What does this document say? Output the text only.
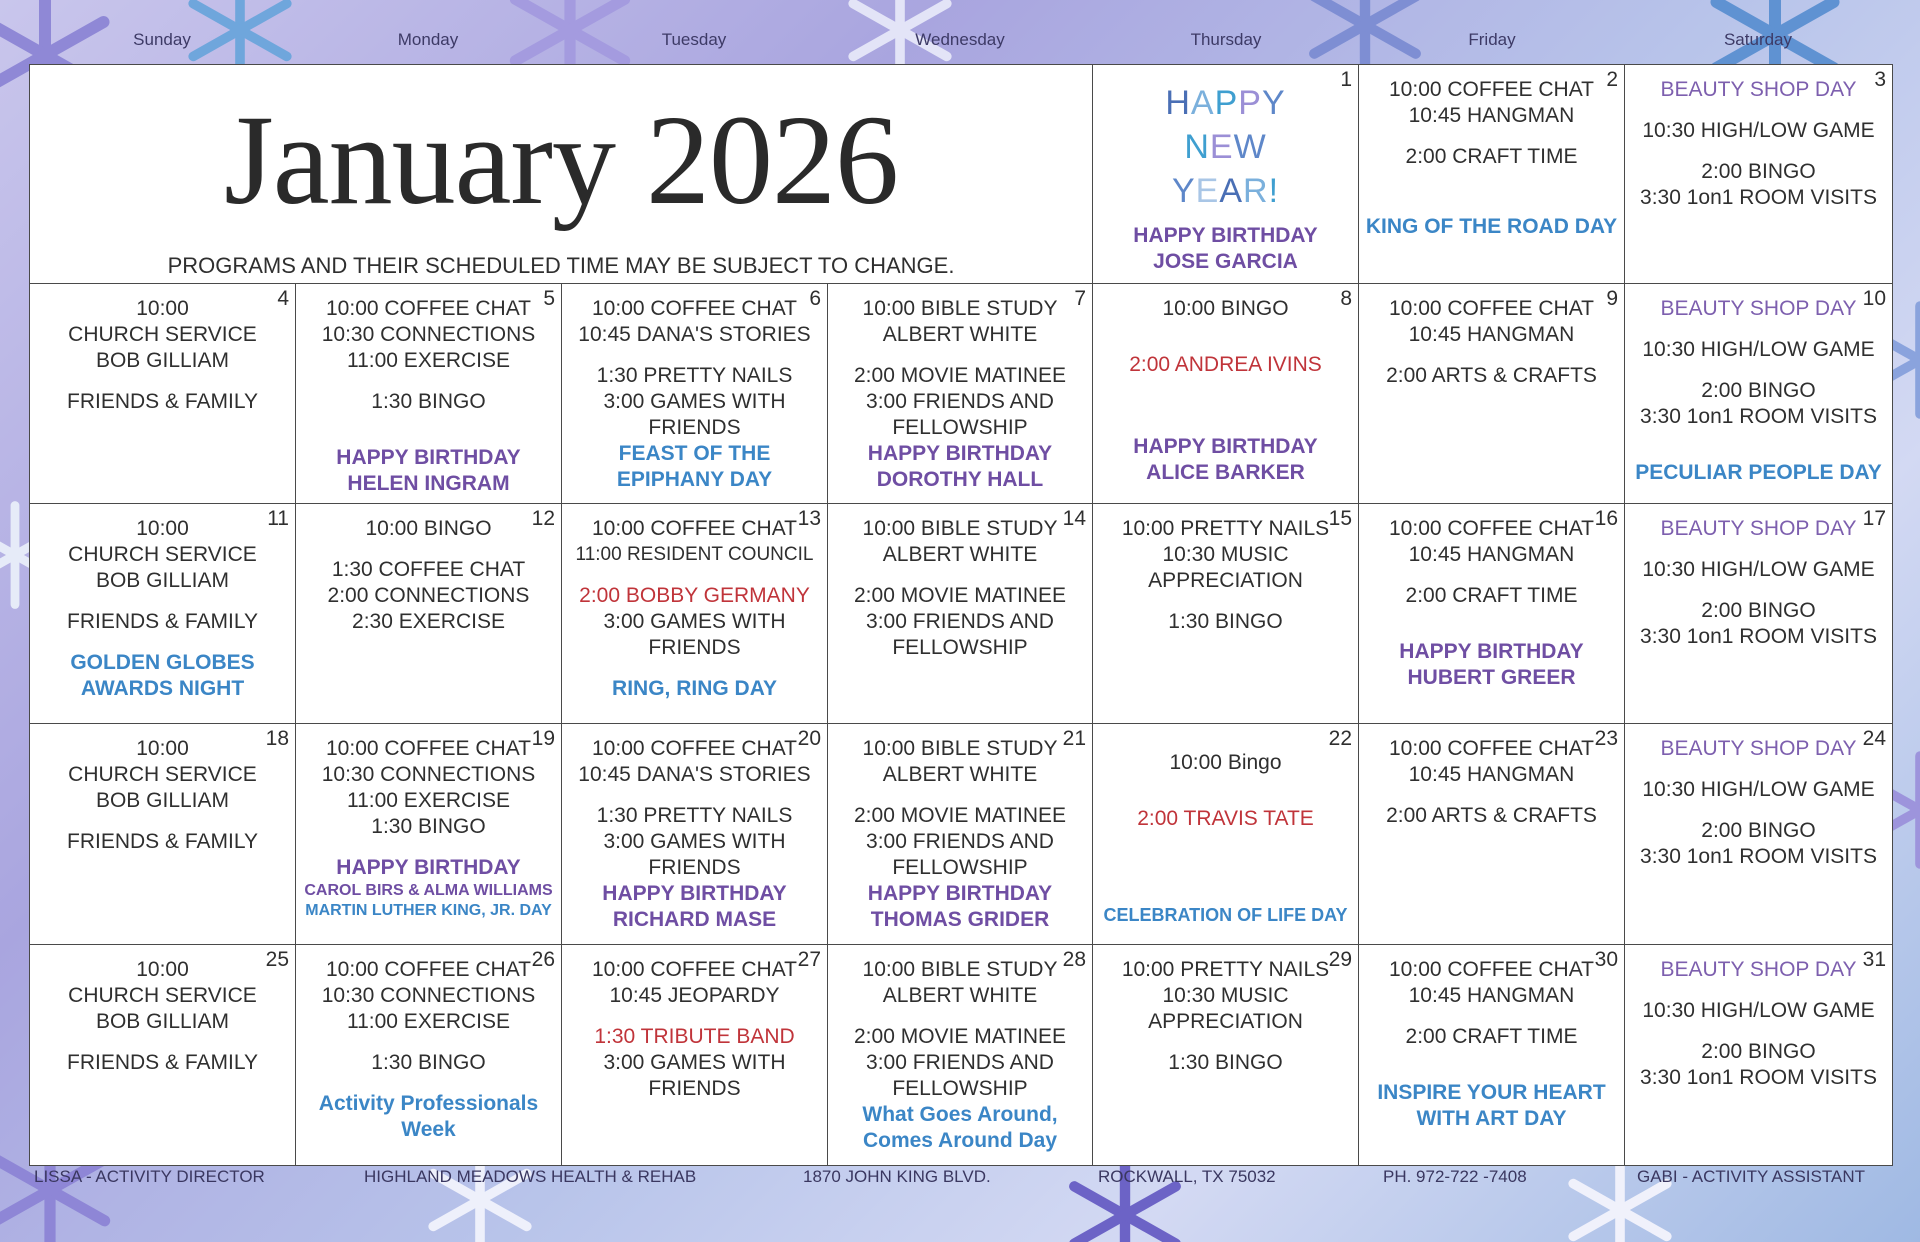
Sunday	Monday	Tuesday	Wednesday	Thursday	Friday	Saturday
January 2026
PROGRAMS AND THEIR SCHEDULED TIME MAY BE SUBJECT TO CHANGE.
1
HAPPY
NEW
YEAR!
HAPPY BIRTHDAY
JOSE GARCIA
2
10:00 COFFEE CHAT
10:45 HANGMAN
2:00 CRAFT TIME
KING OF THE ROAD DAY
3
BEAUTY SHOP DAY
10:30 HIGH/LOW GAME
2:00 BINGO
3:30 1on1 ROOM VISITS
4
10:00
CHURCH SERVICE
BOB GILLIAM
FRIENDS & FAMILY
5
10:00 COFFEE CHAT
10:30 CONNECTIONS
11:00 EXERCISE
1:30 BINGO
HAPPY BIRTHDAY
HELEN INGRAM
6
10:00 COFFEE CHAT
10:45 DANA'S STORIES
1:30 PRETTY NAILS
3:00 GAMES WITH
FRIENDS
FEAST OF THE
EPIPHANY DAY
7
10:00 BIBLE STUDY
ALBERT WHITE
2:00 MOVIE MATINEE
3:00 FRIENDS AND
FELLOWSHIP
HAPPY BIRTHDAY
DOROTHY HALL
8
10:00 BINGO
2:00 ANDREA IVINS
HAPPY BIRTHDAY
ALICE BARKER
9
10:00 COFFEE CHAT
10:45 HANGMAN
2:00 ARTS & CRAFTS
10
BEAUTY SHOP DAY
10:30 HIGH/LOW GAME
2:00 BINGO
3:30 1on1 ROOM VISITS
PECULIAR PEOPLE DAY
11
10:00
CHURCH SERVICE
BOB GILLIAM
FRIENDS & FAMILY
GOLDEN GLOBES
AWARDS NIGHT
12
10:00 BINGO
1:30 COFFEE CHAT
2:00 CONNECTIONS
2:30 EXERCISE
13
10:00 COFFEE CHAT
11:00 RESIDENT COUNCIL
2:00 BOBBY GERMANY
3:00 GAMES WITH
FRIENDS
RING, RING DAY
14
10:00 BIBLE STUDY
ALBERT WHITE
2:00 MOVIE MATINEE
3:00 FRIENDS AND
FELLOWSHIP
15
10:00 PRETTY NAILS
10:30 MUSIC
APPRECIATION
1:30 BINGO
16
10:00 COFFEE CHAT
10:45 HANGMAN
2:00 CRAFT TIME
HAPPY BIRTHDAY
HUBERT GREER
17
BEAUTY SHOP DAY
10:30 HIGH/LOW GAME
2:00 BINGO
3:30 1on1 ROOM VISITS
18
10:00
CHURCH SERVICE
BOB GILLIAM
FRIENDS & FAMILY
19
10:00 COFFEE CHAT
10:30 CONNECTIONS
11:00 EXERCISE
1:30 BINGO
HAPPY BIRTHDAY
CAROL BIRS & ALMA WILLIAMS
MARTIN LUTHER KING, JR. DAY
20
10:00 COFFEE CHAT
10:45 DANA'S STORIES
1:30 PRETTY NAILS
3:00 GAMES WITH
FRIENDS
HAPPY BIRTHDAY
RICHARD MASE
21
10:00 BIBLE STUDY
ALBERT WHITE
2:00 MOVIE MATINEE
3:00 FRIENDS AND
FELLOWSHIP
HAPPY BIRTHDAY
THOMAS GRIDER
22
10:00 Bingo
2:00 TRAVIS TATE
CELEBRATION OF LIFE DAY
23
10:00 COFFEE CHAT
10:45 HANGMAN
2:00 ARTS & CRAFTS
24
BEAUTY SHOP DAY
10:30 HIGH/LOW GAME
2:00 BINGO
3:30 1on1 ROOM VISITS
25
10:00
CHURCH SERVICE
BOB GILLIAM
FRIENDS & FAMILY
26
10:00 COFFEE CHAT
10:30 CONNECTIONS
11:00 EXERCISE
1:30 BINGO
Activity Professionals
Week
27
10:00 COFFEE CHAT
10:45 JEOPARDY
1:30 TRIBUTE BAND
3:00 GAMES WITH
FRIENDS
28
10:00 BIBLE STUDY
ALBERT WHITE
2:00 MOVIE MATINEE
3:00 FRIENDS AND
FELLOWSHIP
What Goes Around,
Comes Around Day
29
10:00 PRETTY NAILS
10:30 MUSIC
APPRECIATION
1:30 BINGO
30
10:00 COFFEE CHAT
10:45 HANGMAN
2:00 CRAFT TIME
INSPIRE YOUR HEART
WITH ART DAY
31
BEAUTY SHOP DAY
10:30 HIGH/LOW GAME
2:00 BINGO
3:30 1on1 ROOM VISITS
LISSA - ACTIVITY DIRECTOR	HIGHLAND MEADOWS HEALTH & REHAB	1870 JOHN KING BLVD.	ROCKWALL, TX 75032	PH. 972-722 -7408	GABI - ACTIVITY ASSISTANT
